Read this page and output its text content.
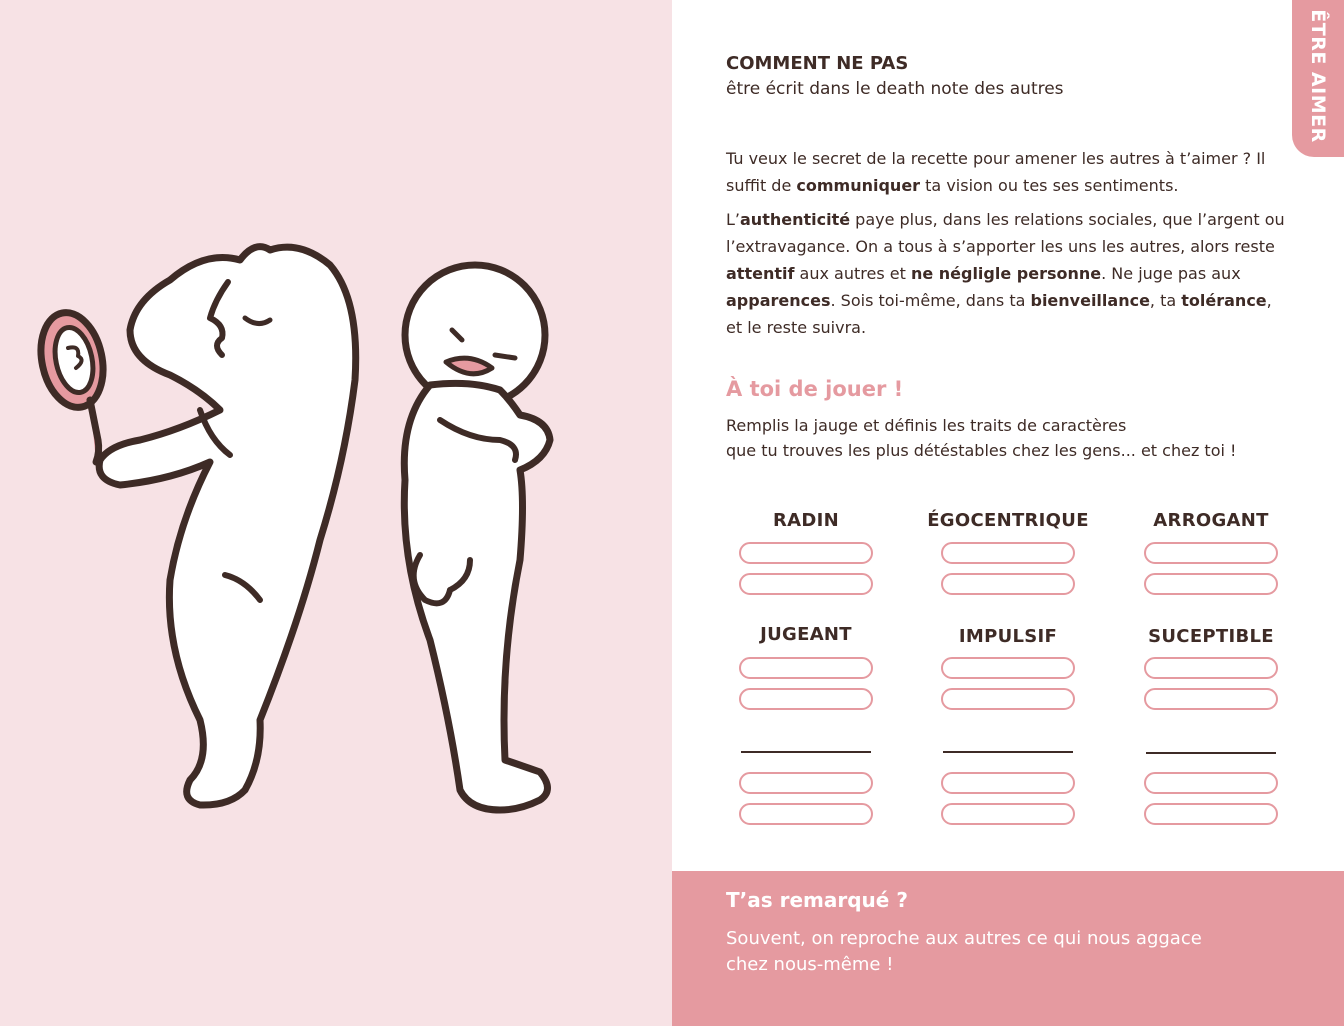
ÊTRE AIMER
COMMENT NE PAS
être écrit dans le death note des autres
Tu veux le secret de la recette pour amener les autres à t’aimer ? Il suffit de communiquer ta vision ou tes ses sentiments.
L’authenticité paye plus, dans les relations sociales, que l’argent ou l’extravagance. On a tous à s’apporter les uns les autres, alors reste attentif aux autres et ne négligle personne. Ne juge pas aux apparences. Sois toi-même, dans ta bienveillance, ta tolérance, et le reste suivra.
À toi de jouer !
Remplis la jauge et définis les traits de caractères
que tu trouves les plus détéstables chez les gens... et chez toi !
RADIN	ÉGOCENTRIQUE	ARROGANT
JUGEANT	IMPULSIF	SUCEPTIBLE
T’as remarqué ?
Souvent, on reproche aux autres ce qui nous aggace
chez nous-même !
